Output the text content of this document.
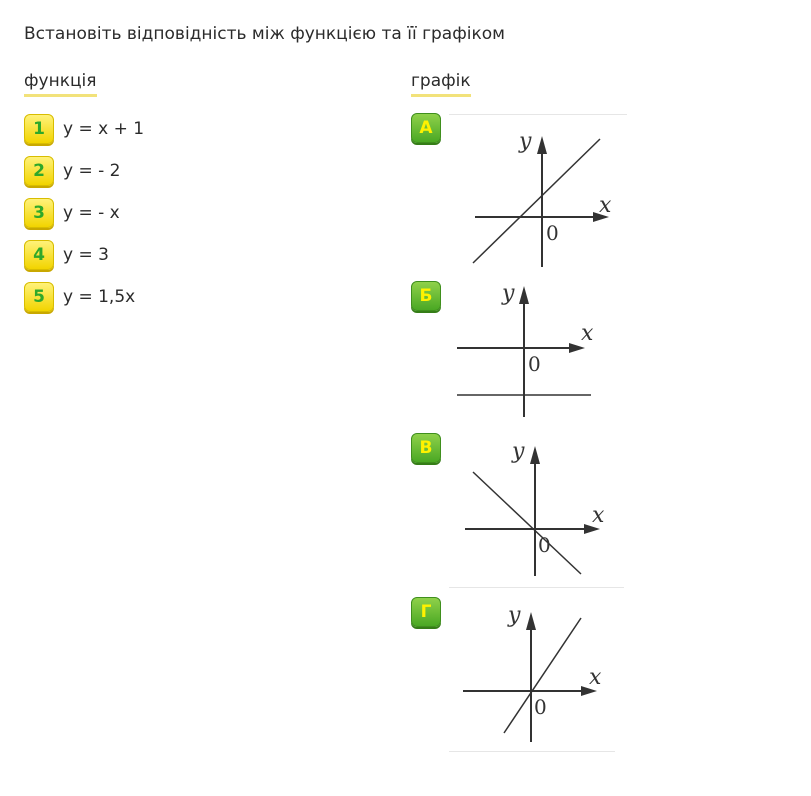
Встановіть відповідність між функцією та її графіком
функція	графік
1	y = x + 1
2	y = - 2
3	y = - x
4	y = 3
5	y = 1,5x
А
y
x
0
Б	y
x
0
В	y
x
0
Г	y
x
0
